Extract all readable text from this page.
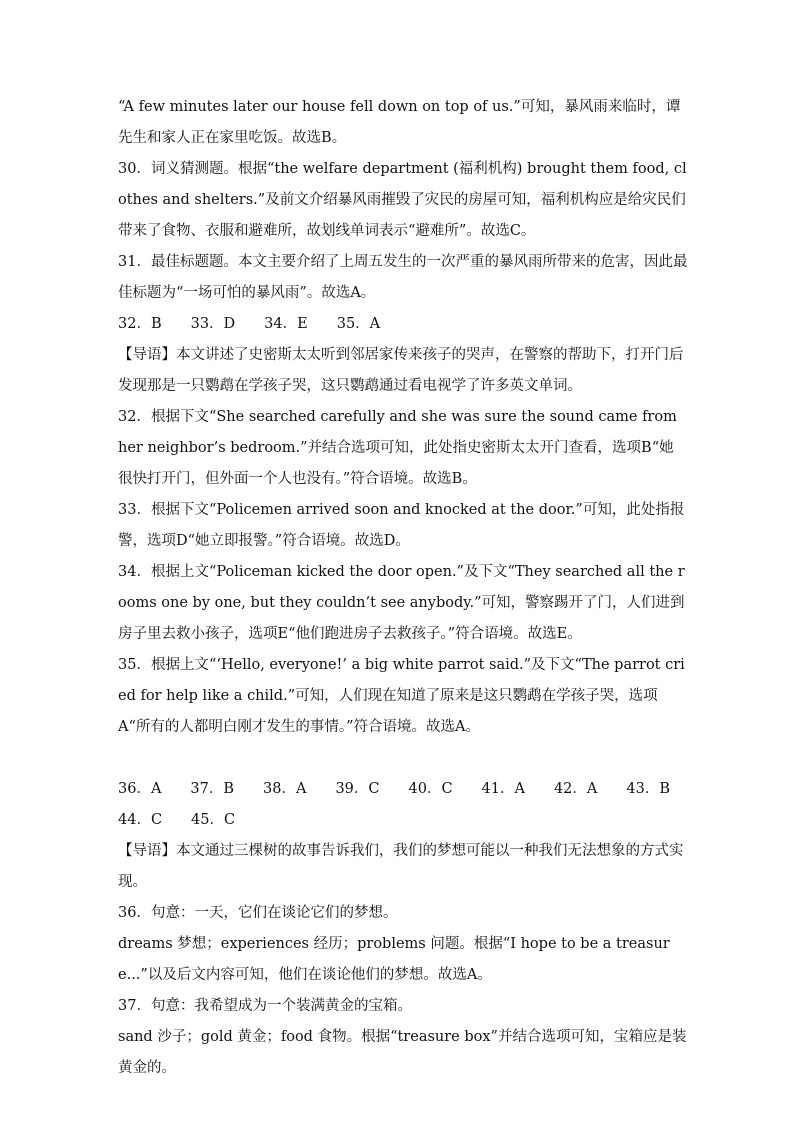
“A few minutes later our house fell down on top of us.”可知，暴风雨来临时，谭先生和家人正在家里吃饭。故选B。

30．词义猜测题。根据“the welfare department (福利机构) brought them food, clothes and shelters.”及前文介绍暴风雨摧毁了灾民的房屋可知，福利机构应是给灾民们带来了食物、衣服和避难所，故划线单词表示“避难所”。故选C。

31．最佳标题题。本文主要介绍了上周五发生的一次严重的暴风雨所带来的危害，因此最佳标题为“一场可怕的暴风雨”。故选A。

32．B　　33．D　　34．E　　35．A

【导语】本文讲述了史密斯太太听到邻居家传来孩子的哭声，在警察的帮助下，打开门后发现那是一只鹦鹉在学孩子哭，这只鹦鹉通过看电视学了许多英文单词。

32．根据下文“She searched carefully and she was sure the sound came from her neighbor’s bedroom.”并结合选项可知，此处指史密斯太太开门查看，选项B“她很快打开门，但外面一个人也没有。”符合语境。故选B。

33．根据下文“Policemen arrived soon and knocked at the door.”可知，此处指报警，选项D“她立即报警。”符合语境。故选D。

34．根据上文“Policeman kicked the door open.”及下文“They searched all the rooms one by one, but they couldn’t see anybody.”可知，警察踢开了门，人们进到房子里去救小孩子，选项E“他们跑进房子去救孩子。”符合语境。故选E。

35．根据上文“‘Hello, everyone!’ a big white parrot said.”及下文“The parrot cried for help like a child.”可知，人们现在知道了原来是这只鹦鹉在学孩子哭，选项A“所有的人都明白刚才发生的事情。”符合语境。故选A。

36．A　　37．B　　38．A　　39．C　　40．C　　41．A　　42．A　　43．B　　44．C　　45．C

【导语】本文通过三棵树的故事告诉我们，我们的梦想可能以一种我们无法想象的方式实现。

36．句意：一天，它们在谈论它们的梦想。

dreams 梦想；experiences 经历；problems 问题。根据“I hope to be a treasure...”以及后文内容可知，他们在谈论他们的梦想。故选A。

37．句意：我希望成为一个装满黄金的宝箱。

sand 沙子；gold 黄金；food 食物。根据“treasure box”并结合选项可知，宝箱应是装黄金的。
